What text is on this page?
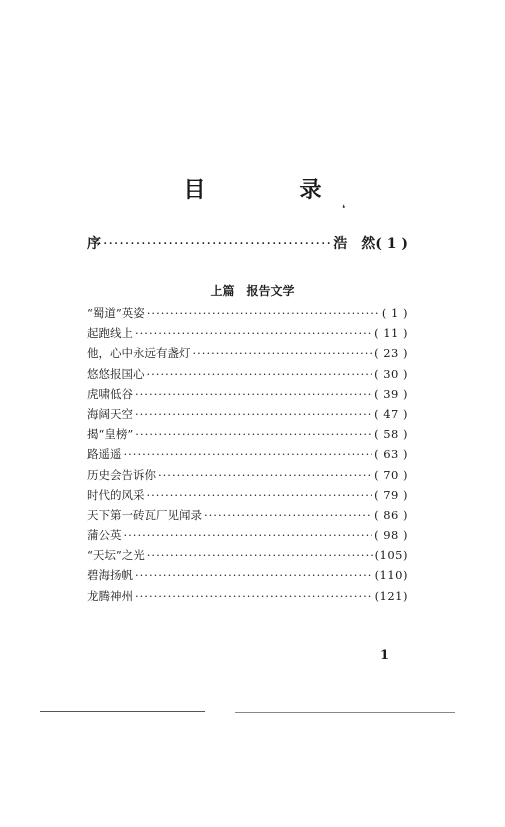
目　录
❛
序 ·····	浩　然 ( 1 )
上篇　报告文学
“蜀道”英姿 ·····	( 1 )
起跑线上 ·····	( 11 )
他，心中永远有盏灯 ·····	( 23 )
悠悠报国心 ·····	( 30 )
虎啸低谷 ·····	( 39 )
海阔天空 ·····	( 47 )
揭“皇榜” ·····	( 58 )
路遥遥 ·····	( 63 )
历史会告诉你 ·····	( 70 )
时代的风采 ·····	( 79 )
天下第一砖瓦厂见闻录 ·····	( 86 )
蒲公英 ·····	( 98 )
“天坛”之光 ·····	(105)
碧海扬帆 ·····	(110)
龙腾神州 ·····	(121)
1
